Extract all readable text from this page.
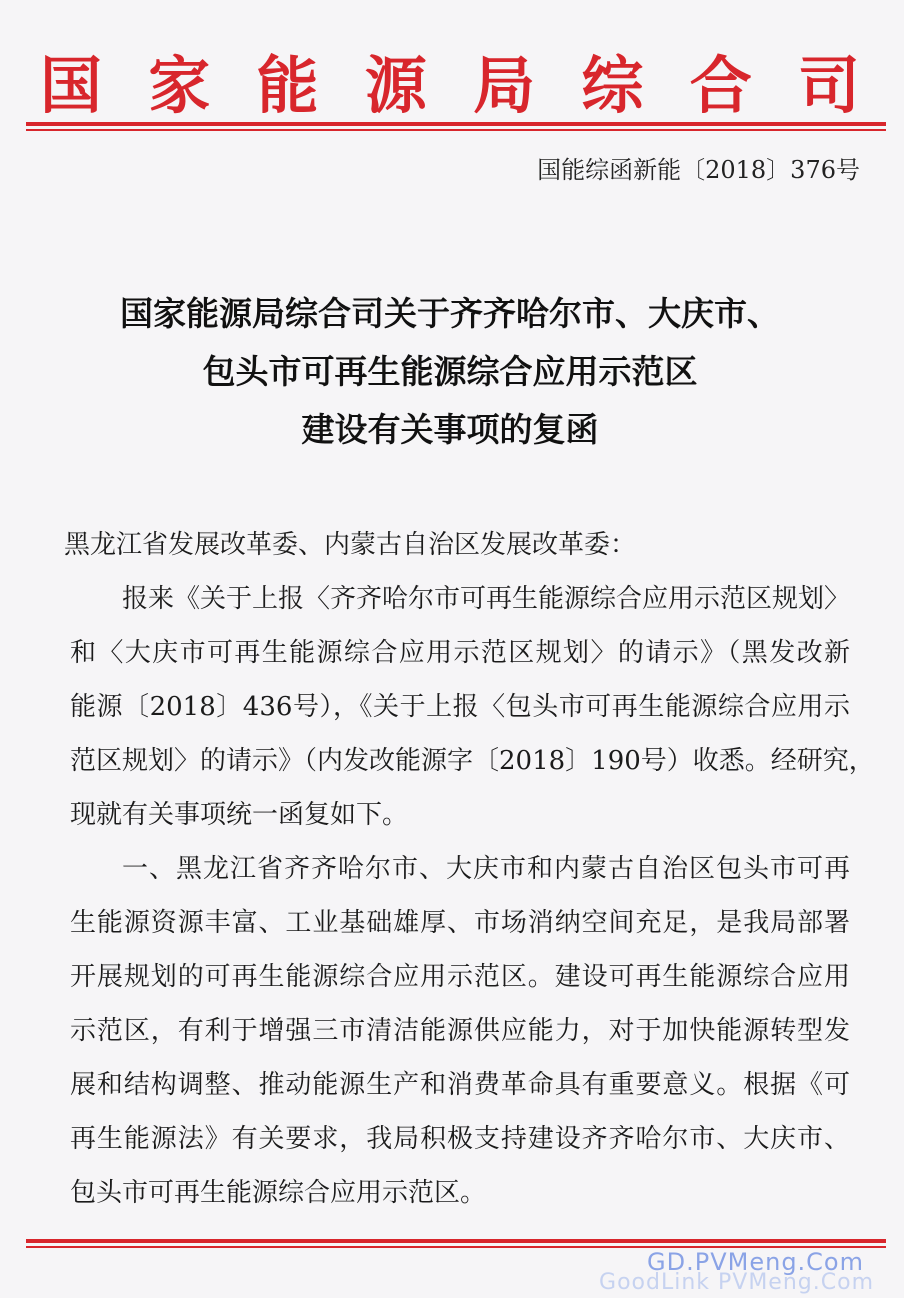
国 家 能 源 局 综 合 司
国能综函新能〔2018〕376号
国家能源局综合司关于齐齐哈尔市、大庆市、
包头市可再生能源综合应用示范区
建设有关事项的复函
黑龙江省发展改革委、内蒙古自治区发展改革委：
报来《关于上报〈齐齐哈尔市可再生能源综合应用示范区规划〉
和〈大庆市可再生能源综合应用示范区规划〉的请示》（黑发改新
能源〔2018〕436号），《关于上报〈包头市可再生能源综合应用示
范区规划〉的请示》（内发改能源字〔2018〕190号）收悉。经研究，
现就有关事项统一函复如下。
一、黑龙江省齐齐哈尔市、大庆市和内蒙古自治区包头市可再
生能源资源丰富、工业基础雄厚、市场消纳空间充足，是我局部署
开展规划的可再生能源综合应用示范区。建设可再生能源综合应用
示范区，有利于增强三市清洁能源供应能力，对于加快能源转型发
展和结构调整、推动能源生产和消费革命具有重要意义。根据《可
再生能源法》有关要求，我局积极支持建设齐齐哈尔市、大庆市、
包头市可再生能源综合应用示范区。
GD.PVMeng.Com
GoodLink PVMeng.Com
